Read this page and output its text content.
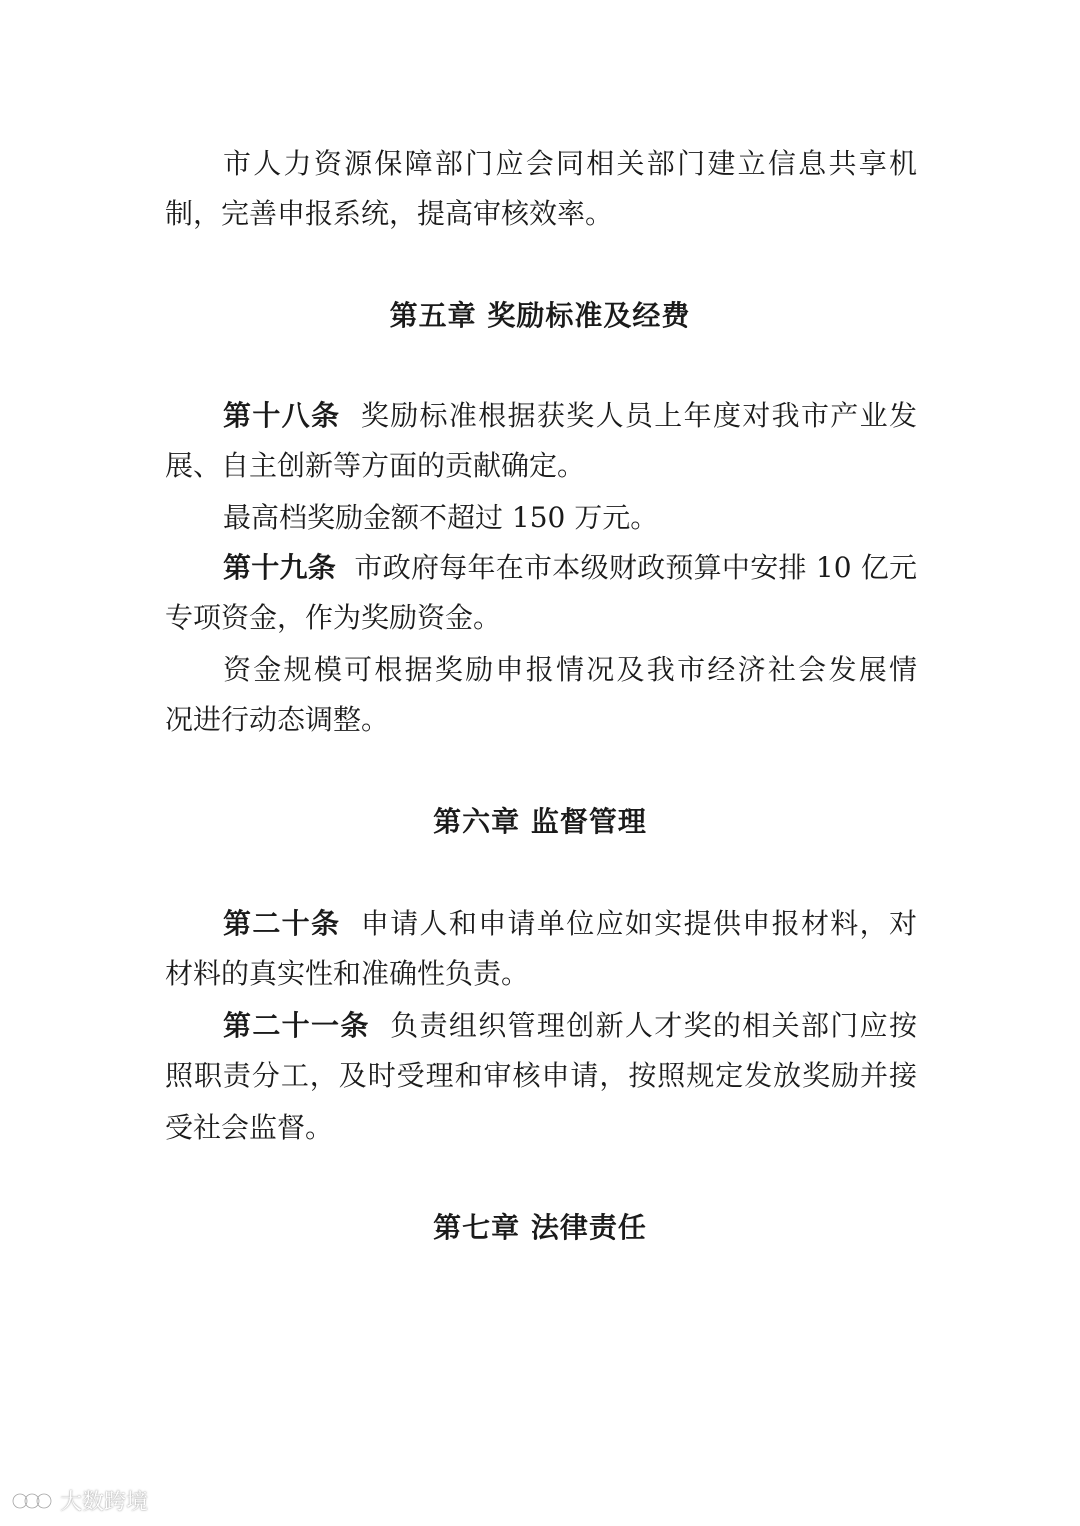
市人力资源保障部门应会同相关部门建立信息共享机
制，完善申报系统，提高审核效率。
第五章 奖励标准及经费
第十八条 奖励标准根据获奖人员上年度对我市产业发
展、自主创新等方面的贡献确定。
最高档奖励金额不超过 150 万元。
第十九条 市政府每年在市本级财政预算中安排 10 亿元
专项资金，作为奖励资金。
资金规模可根据奖励申报情况及我市经济社会发展情
况进行动态调整。
第六章 监督管理
第二十条 申请人和申请单位应如实提供申报材料，对
材料的真实性和准确性负责。
第二十一条 负责组织管理创新人才奖的相关部门应按
照职责分工，及时受理和审核申请，按照规定发放奖励并接
受社会监督。
第七章 法律责任
大数跨境
